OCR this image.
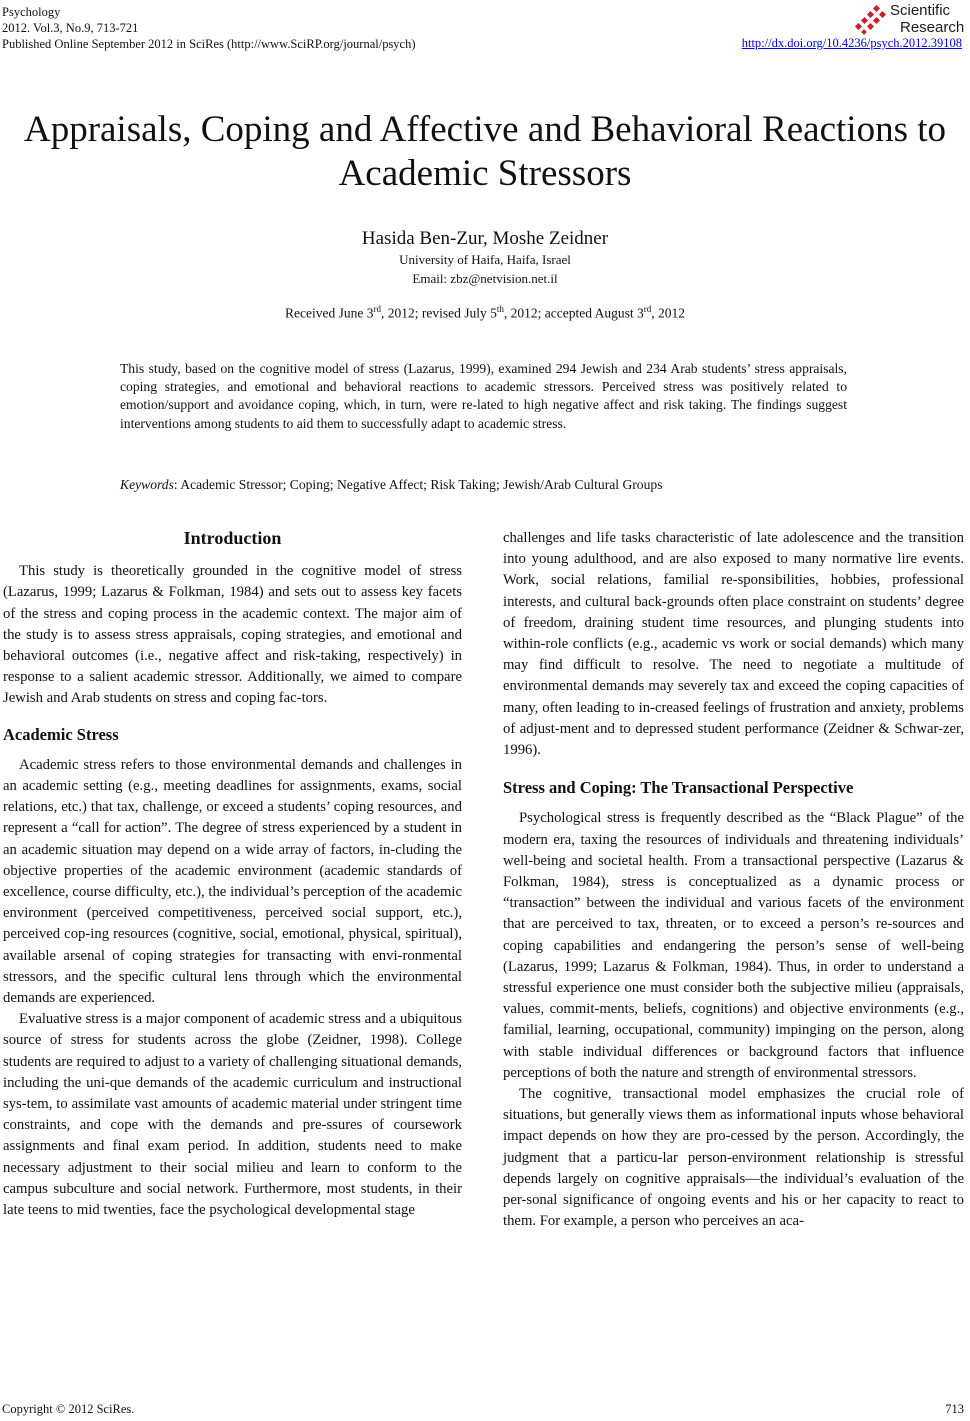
Psychology
2012. Vol.3, No.9, 713-721
Published Online September 2012 in SciRes (http://www.SciRP.org/journal/psych)	http://dx.doi.org/10.4236/psych.2012.39108
Scientific
Research
Appraisals, Coping and Affective and Behavioral Reactions to Academic Stressors
Hasida Ben-Zur, Moshe Zeidner
University of Haifa, Haifa, Israel
Email: zbz@netvision.net.il
Received June 3rd, 2012; revised July 5th, 2012; accepted August 3rd, 2012
This study, based on the cognitive model of stress (Lazarus, 1999), examined 294 Jewish and 234 Arab students’ stress appraisals, coping strategies, and emotional and behavioral reactions to academic stressors. Perceived stress was positively related to emotion/support and avoidance coping, which, in turn, were re-lated to high negative affect and risk taking. The findings suggest interventions among students to aid them to successfully adapt to academic stress.
Keywords: Academic Stressor; Coping; Negative Affect; Risk Taking; Jewish/Arab Cultural Groups
Introduction

This study is theoretically grounded in the cognitive model of stress (Lazarus, 1999; Lazarus & Folkman, 1984) and sets out to assess key facets of the stress and coping process in the academic context. The major aim of the study is to assess stress appraisals, coping strategies, and emotional and behavioral outcomes (i.e., negative affect and risk-taking, respectively) in response to a salient academic stressor. Additionally, we aimed to compare Jewish and Arab students on stress and coping fac-tors.

Academic Stress

Academic stress refers to those environmental demands and challenges in an academic setting (e.g., meeting deadlines for assignments, exams, social relations, etc.) that tax, challenge, or exceed a students’ coping resources, and represent a “call for action”. The degree of stress experienced by a student in an academic situation may depend on a wide array of factors, in-cluding the objective properties of the academic environment (academic standards of excellence, course difficulty, etc.), the individual’s perception of the academic environment (perceived competitiveness, perceived social support, etc.), perceived cop-ing resources (cognitive, social, emotional, physical, spiritual), available arsenal of coping strategies for transacting with envi-ronmental stressors, and the specific cultural lens through which the environmental demands are experienced.

Evaluative stress is a major component of academic stress and a ubiquitous source of stress for students across the globe (Zeidner, 1998). College students are required to adjust to a variety of challenging situational demands, including the uni-que demands of the academic curriculum and instructional sys-tem, to assimilate vast amounts of academic material under stringent time constraints, and cope with the demands and pre-ssures of coursework assignments and final exam period. In addition, students need to make necessary adjustment to their social milieu and learn to conform to the campus subculture and social network. Furthermore, most students, in their late teens to mid twenties, face the psychological developmental stage

challenges and life tasks characteristic of late adolescence and the transition into young adulthood, and are also exposed to many normative lire events. Work, social relations, familial re-sponsibilities, hobbies, professional interests, and cultural back-grounds often place constraint on students’ degree of freedom, draining student time resources, and plunging students into within-role conflicts (e.g., academic vs work or social demands) which many may find difficult to resolve. The need to negotiate a multitude of environmental demands may severely tax and exceed the coping capacities of many, often leading to in-creased feelings of frustration and anxiety, problems of adjust-ment and to depressed student performance (Zeidner & Schwar-zer, 1996).

Stress and Coping: The Transactional Perspective

Psychological stress is frequently described as the “Black Plague” of the modern era, taxing the resources of individuals and threatening individuals’ well-being and societal health. From a transactional perspective (Lazarus & Folkman, 1984), stress is conceptualized as a dynamic process or “transaction” between the individual and various facets of the environment that are perceived to tax, threaten, or to exceed a person’s re-sources and coping capabilities and endangering the person’s sense of well-being (Lazarus, 1999; Lazarus & Folkman, 1984). Thus, in order to understand a stressful experience one must consider both the subjective milieu (appraisals, values, commit-ments, beliefs, cognitions) and objective environments (e.g., familial, learning, occupational, community) impinging on the person, along with stable individual differences or background factors that influence perceptions of both the nature and strength of environmental stressors.

The cognitive, transactional model emphasizes the crucial role of situations, but generally views them as informational inputs whose behavioral impact depends on how they are pro-cessed by the person. Accordingly, the judgment that a particu-lar person-environment relationship is stressful depends largely on cognitive appraisals—the individual’s evaluation of the per-sonal significance of ongoing events and his or her capacity to react to them. For example, a person who perceives an aca-

Copyright © 2012 SciRes.	713
